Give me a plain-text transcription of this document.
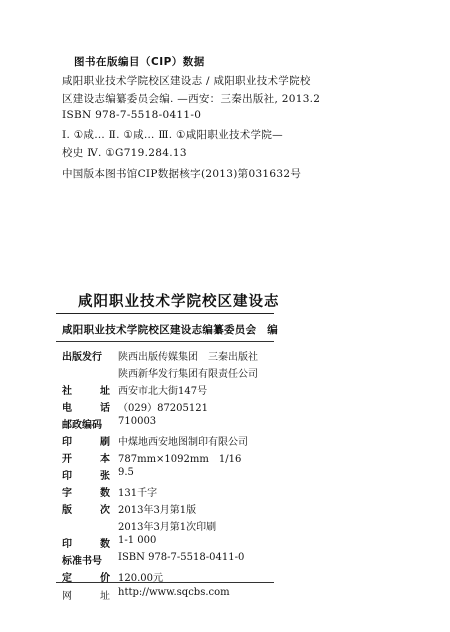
图书在版编目（CIP）数据
咸阳职业技术学院校区建设志 / 咸阳职业技术学院校
区建设志编纂委员会编. —西安：三秦出版社, 2013.2
ISBN 978-7-5518-0411-0
Ⅰ. ①咸… Ⅱ. ①咸… Ⅲ. ①咸阳职业技术学院—
校史 Ⅳ. ①G719.284.13
中国版本图书馆CIP数据核字(2013)第031632号
咸阳职业技术学院校区建设志
咸阳职业技术学院校区建设志编纂委员会　编
出版发行	陕西出版传媒集团　三秦出版社
陕西新华发行集团有限责任公司
社址 西安市北大街147号
电话 （029）87205121
邮政编码	710003
印刷 中煤地西安地图制印有限公司
开本 787mm×1092mm　1/16
印张 9.5
字数 131千字
版次 2013年3月第1版
2013年3月第1次印刷
印数 1-1 000
标准书号	ISBN 978-7-5518-0411-0
定价 120.00元
网址 http://www.sqcbs.com
